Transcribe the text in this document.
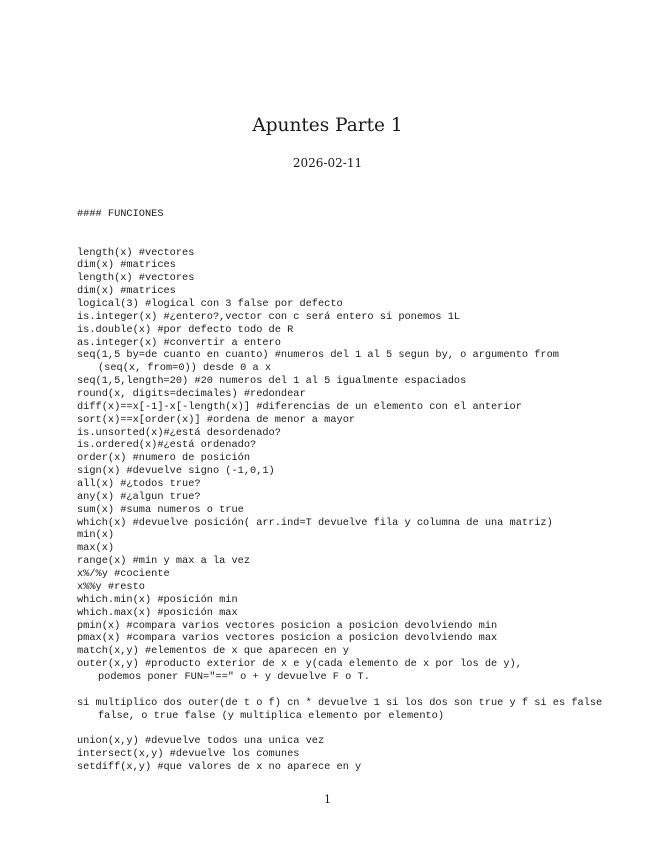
Apuntes Parte 1
2026-02-11
#### FUNCIONES
length(x) #vectores
dim(x) #matrices
length(x) #vectores
dim(x) #matrices
logical(3) #logical con 3 false por defecto
is.integer(x) #¿entero?,vector con c será entero si ponemos 1L
is.double(x) #por defecto todo de R
as.integer(x) #convertir a entero
seq(1,5 by=de cuanto en cuanto) #numeros del 1 al 5 segun by, o argumento from
(seq(x, from=0)) desde 0 a x
seq(1,5,length=20) #20 numeros del 1 al 5 igualmente espaciados
round(x, digits=decimales) #redondear
diff(x)==x[-1]-x[-length(x)] #diferencias de un elemento con el anterior
sort(x)==x[order(x)] #ordena de menor a mayor
is.unsorted(x)#¿está desordenado?
is.ordered(x)#¿está ordenado?
order(x) #numero de posición
sign(x) #devuelve signo (-1,0,1)
all(x) #¿todos true?
any(x) #¿algun true?
sum(x) #suma numeros o true
which(x) #devuelve posición( arr.ind=T devuelve fila y columna de una matriz)
min(x)
max(x)
range(x) #min y max a la vez
x%/%y #cociente
x%%y #resto
which.min(x) #posición min
which.max(x) #posición max
pmin(x) #compara varios vectores posicion a posicion devolviendo min
pmax(x) #compara varios vectores posicion a posicion devolviendo max
match(x,y) #elementos de x que aparecen en y
outer(x,y) #producto exterior de x e y(cada elemento de x por los de y),
podemos poner FUN="==" o + y devuelve F o T.
si multiplico dos outer(de t o f) cn * devuelve 1 si los dos son true y f si es false
false, o true false (y multiplica elemento por elemento)
union(x,y) #devuelve todos una unica vez
intersect(x,y) #devuelve los comunes
setdiff(x,y) #que valores de x no aparece en y
1
